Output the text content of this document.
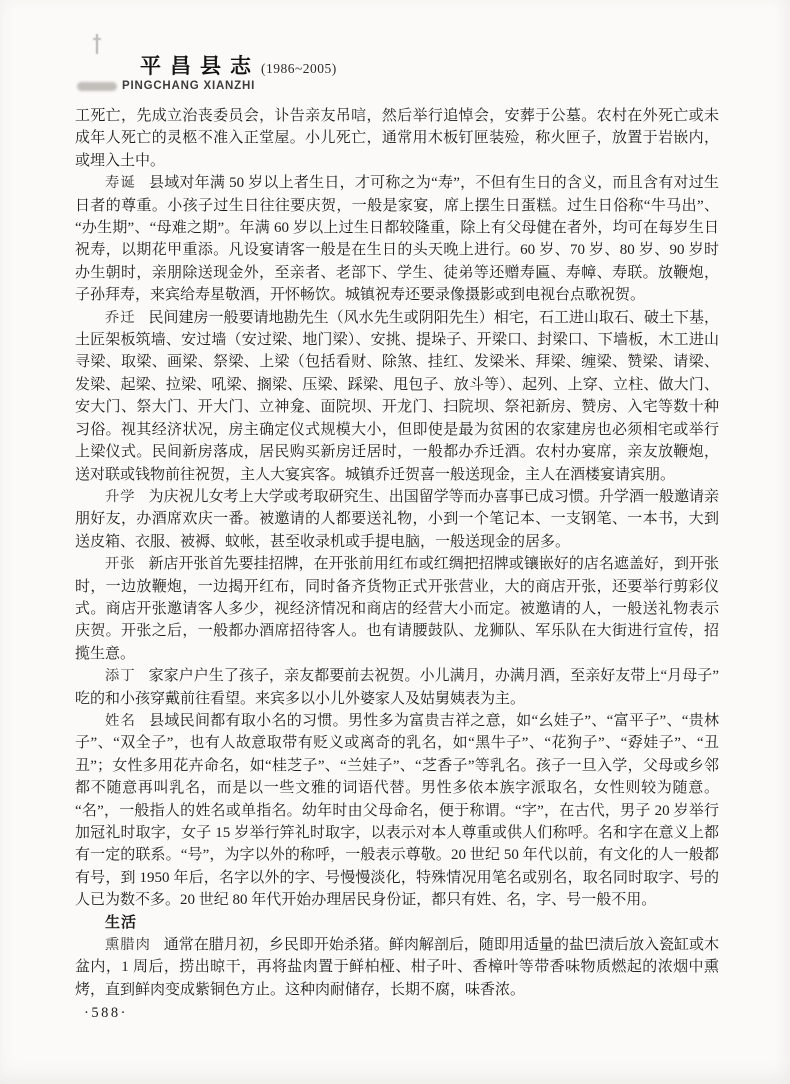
平昌县志 (1986~2005)
PINGCHANG XIANZHI

工死亡，先成立治丧委员会，讣告亲友吊唁，然后举行追悼会，安葬于公墓。农村在外死亡或未成年人死亡的灵柩不准入正堂屋。小儿死亡，通常用木板钉匣装殓，称火匣子，放置于岩嵌内，或埋入土中。

寿诞 县域对年满 50 岁以上者生日，才可称之为“寿”，不但有生日的含义，而且含有对过生日者的尊重。小孩子过生日往往要庆贺，一般是家宴，席上摆生日蛋糕。过生日俗称“牛马出”、“办生期”、“母难之期”。年满 60 岁以上过生日都较隆重，除上有父母健在者外，均可在每岁生日祝寿，以期花甲重添。凡设宴请客一般是在生日的头天晚上进行。60 岁、70 岁、80 岁、90 岁时办生朝时，亲朋除送现金外，至亲者、老部下、学生、徒弟等还赠寿匾、寿幛、寿联。放鞭炮，子孙拜寿，来宾给寿星敬酒，开怀畅饮。城镇祝寿还要录像摄影或到电视台点歌祝贺。

乔迁 民间建房一般要请地勘先生（风水先生或阴阳先生）相宅，石工进山取石、破土下基，土匠架板筑墙、安过墙（安过梁、地门梁）、安挑、提垛子、开梁口、封梁口、下墙板，木工进山寻梁、取梁、画梁、祭梁、上梁（包括看财、除煞、挂红、发梁米、拜梁、缠梁、赞梁、请梁、发梁、起梁、拉梁、吼梁、搁梁、压梁、踩梁、甩包子、放斗等）、起列、上穿、立柱、做大门、安大门、祭大门、开大门、立神龛、面院坝、开龙门、扫院坝、祭祀新房、赞房、入宅等数十种习俗。视其经济状况，房主确定仪式规模大小，但即使是最为贫困的农家建房也必须相宅或举行上梁仪式。民间新房落成，居民购买新房迁居时，一般都办乔迁酒。农村办宴席，亲友放鞭炮，送对联或钱物前往祝贺，主人大宴宾客。城镇乔迁贺喜一般送现金，主人在酒楼宴请宾朋。

升学 为庆祝儿女考上大学或考取研究生、出国留学等而办喜事已成习惯。升学酒一般邀请亲朋好友，办酒席欢庆一番。被邀请的人都要送礼物，小到一个笔记本、一支钢笔、一本书，大到送皮箱、衣服、被褥、蚊帐，甚至收录机或手提电脑，一般送现金的居多。

开张 新店开张首先要挂招牌，在开张前用红布或红绸把招牌或镶嵌好的店名遮盖好，到开张时，一边放鞭炮，一边揭开红布，同时备齐货物正式开张营业，大的商店开张，还要举行剪彩仪式。商店开张邀请客人多少，视经济情况和商店的经营大小而定。被邀请的人，一般送礼物表示庆贺。开张之后，一般都办酒席招待客人。也有请腰鼓队、龙狮队、军乐队在大街进行宣传，招揽生意。

添丁 家家户户生了孩子，亲友都要前去祝贺。小儿满月，办满月酒，至亲好友带上“月母子”吃的和小孩穿戴前往看望。来宾多以小儿外婆家人及姑舅姨表为主。

姓名 县域民间都有取小名的习惯。男性多为富贵吉祥之意，如“幺娃子”、“富平子”、“贵林子”、“双全子”，也有人故意取带有贬义或离奇的乳名，如“黑牛子”、“花狗子”、“孬娃子”、“丑丑”；女性多用花卉命名，如“桂芝子”、“兰娃子”、“芝香子”等乳名。孩子一旦入学，父母或乡邻都不随意再叫乳名，而是以一些文雅的词语代替。男性多依本族字派取名，女性则较为随意。“名”，一般指人的姓名或单指名。幼年时由父母命名，便于称谓。“字”，在古代，男子 20 岁举行加冠礼时取字，女子 15 岁举行笄礼时取字，以表示对本人尊重或供人们称呼。名和字在意义上都有一定的联系。“号”，为字以外的称呼，一般表示尊敬。20 世纪 50 年代以前，有文化的人一般都有号，到 1950 年后，名字以外的字、号慢慢淡化，特殊情况用笔名或别名，取名同时取字、号的人已为数不多。20 世纪 80 年代开始办理居民身份证，都只有姓、名，字、号一般不用。

生活

熏腊肉 通常在腊月初，乡民即开始杀猪。鲜肉解剖后，随即用适量的盐巴渍后放入瓷缸或木盆内，1 周后，捞出晾干，再将盐肉置于鲜柏桠、柑子叶、香樟叶等带香味物质燃起的浓烟中熏烤，直到鲜肉变成紫铜色方止。这种肉耐储存，长期不腐，味香浓。

·588·
